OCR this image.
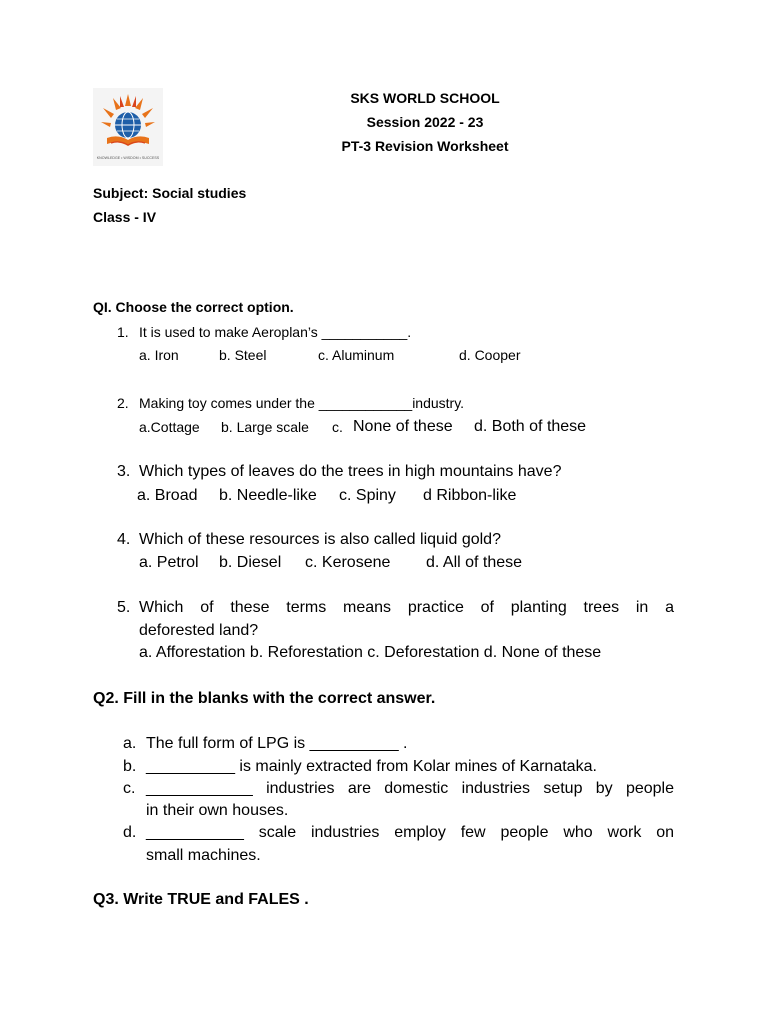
KNOWLEDGE • WISDOM • SUCCESS
SKS WORLD SCHOOL
Session 2022 - 23
PT-3 Revision Worksheet
Subject: Social studies
Class - IV
QI. Choose the correct option.
1. It is used to make Aeroplan’s ___________.
a. Iron	b. Steel	c. Aluminum	d. Cooper
2. Making toy comes under the ____________industry.
a.Cottage b. Large scale c. None of these d. Both of these
3. Which types of leaves do the trees in high mountains have?
a. Broad b. Needle-like c. Spiny d Ribbon-like
4. Which of these resources is also called liquid gold?
a. Petrol b. Diesel c. Kerosene d. All of these
5. Which of these terms means practice of planting trees in a
deforested land?
a. Afforestation b. Reforestation c. Deforestation d. None of these
Q2. Fill in the blanks with the correct answer.
a. The full form of LPG is __________ .
b. __________ is mainly extracted from Kolar mines of Karnataka.
c. ____________ industries are domestic industries setup by people
in their own houses.
d. ___________ scale industries employ few people who work on
small machines.
Q3. Write TRUE and FALES .
